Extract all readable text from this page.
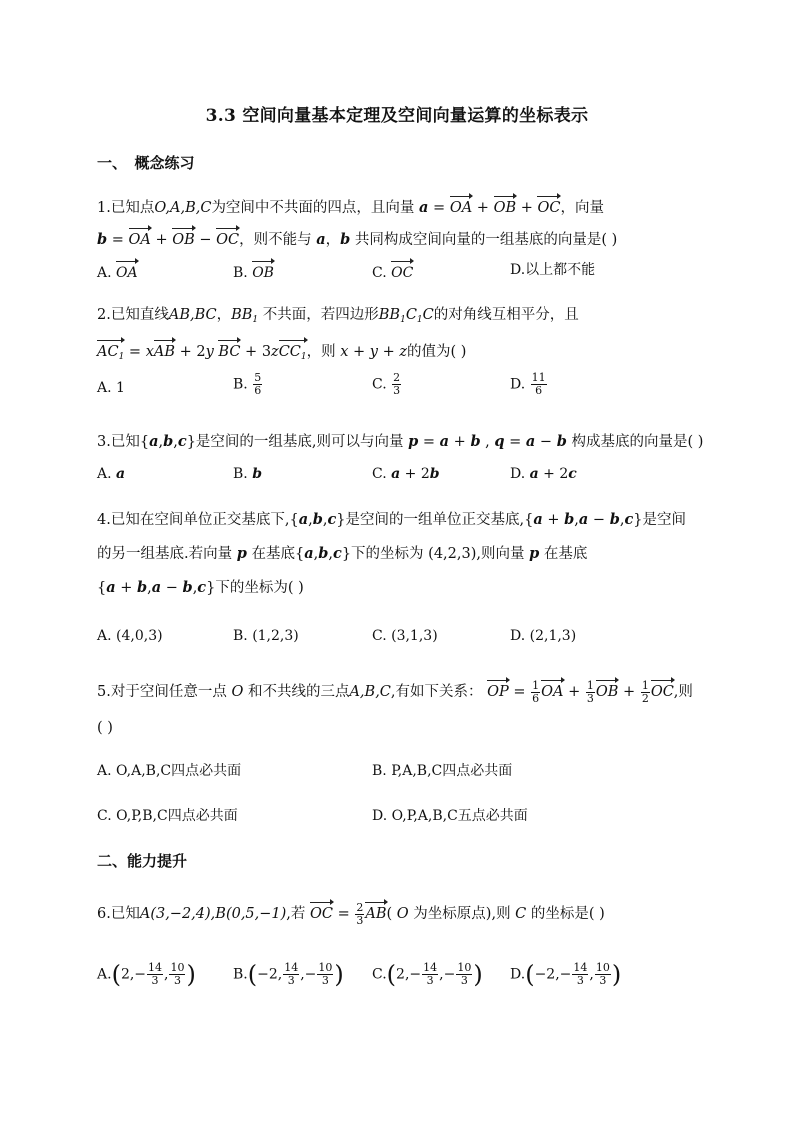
3.3 空间向量基本定理及空间向量运算的坐标表示
一、　概念练习
1.已知点O,A,B,C为空间中不共面的四点，且向量 a = OA + OB + OC，向量
b = OA + OB − OC，则不能与 a，b 共同构成空间向量的一组基底的向量是( )
A. OA	B. OB	C. OC	D.以上都不能
2.已知直线AB,BC，$BB_1$ 不共面，若四边形$BB_1C_1C$的对角线互相平分，且
$AC_1$ = xAB + 2y BC + 3zCC$_1$，则 x + y + z的值为( )
A. 1	B. $\frac{5}{6}$	C. $\frac{2}{3}$	D. $\frac{11}{6}$
3.已知{a,b,c}是空间的一组基底,则可以与向量 p = a + b , q = a − b 构成基底的向量是( )
A. a	B. b	C. a + 2b	D. a + 2c
4.已知在空间单位正交基底下,{a,b,c}是空间的一组单位正交基底,{a + b,a − b,c}是空间
的另一组基底.若向量 p 在基底{a,b,c}下的坐标为 (4,2,3),则向量 p 在基底
{a + b,a − b,c}下的坐标为( )
A. (4,0,3)	B. (1,2,3)	C. (3,1,3)	D. (2,1,3)
5.对于空间任意一点 O 和不共线的三点A,B,C,有如下关系： OP = $\frac{1}{6}$ OA + $\frac{1}{3}$ OB + $\frac{1}{2}$ OC,则
( )
A. O,A,B,C四点必共面	B. P,A,B,C四点必共面
C. O,P,B,C四点必共面	D. O,P,A,B,C五点必共面
二、能力提升
6.已知A(3,−2,4),B(0,5,−1),若 OC = $\frac{2}{3} AB$( O 为坐标原点),则 C 的坐标是( )
$A.(2,- \frac{14}{3}$ , $\frac{10}{3}$ )	B.(−2, $\frac{14}{3}$ ,− $\frac{10}{3}$ ) $C.(2,- \frac{14}{3}$ ,− $\frac{10}{3}$ ) $D.(-2,- \frac{14}{3}$ , $\frac{10}{3}$ )
